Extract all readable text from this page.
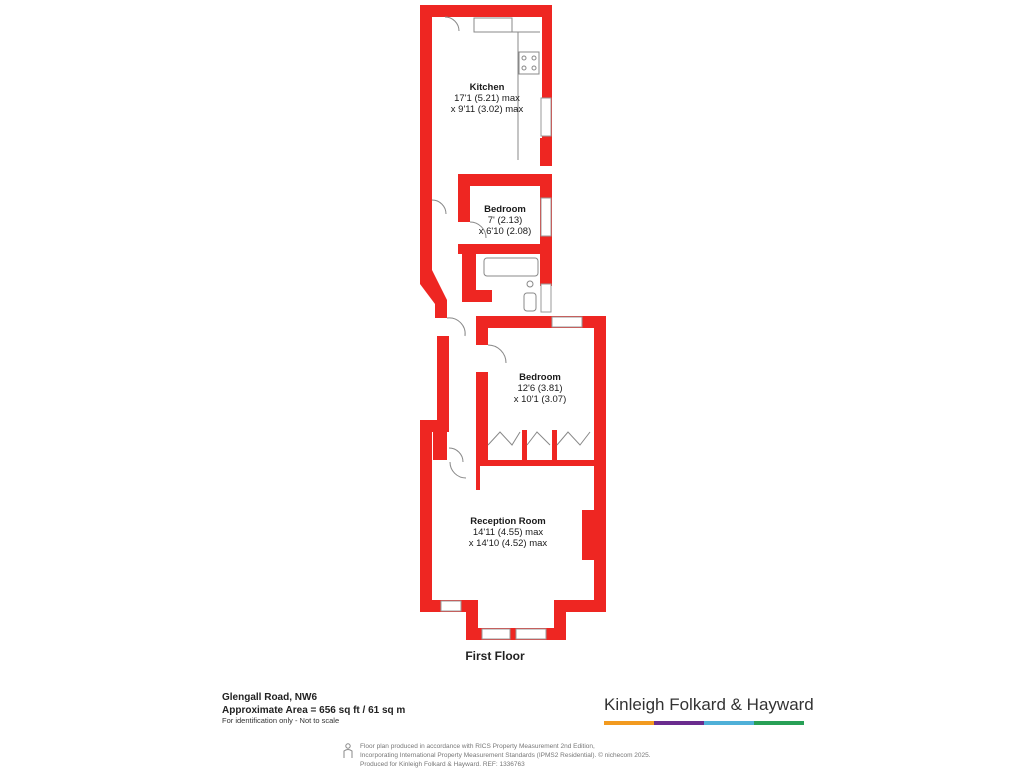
Kitchen
17'1 (5.21) max
x 9'11 (3.02) max
Bedroom
7' (2.13)
x 6'10 (2.08)
Bedroom
12'6 (3.81)
x 10'1 (3.07)
Reception Room
14'11 (4.55) max
x 14'10 (4.52) max
First Floor
Glengall Road, NW6
Approximate Area = 656 sq ft / 61 sq m
For identification only - Not to scale
Kinleigh Folkard & Hayward
Floor plan produced in accordance with RICS Property Measurement 2nd Edition,
Incorporating International Property Measurement Standards (IPMS2 Residential). © nichecom 2025.
Produced for Kinleigh Folkard & Hayward. REF: 1336763
